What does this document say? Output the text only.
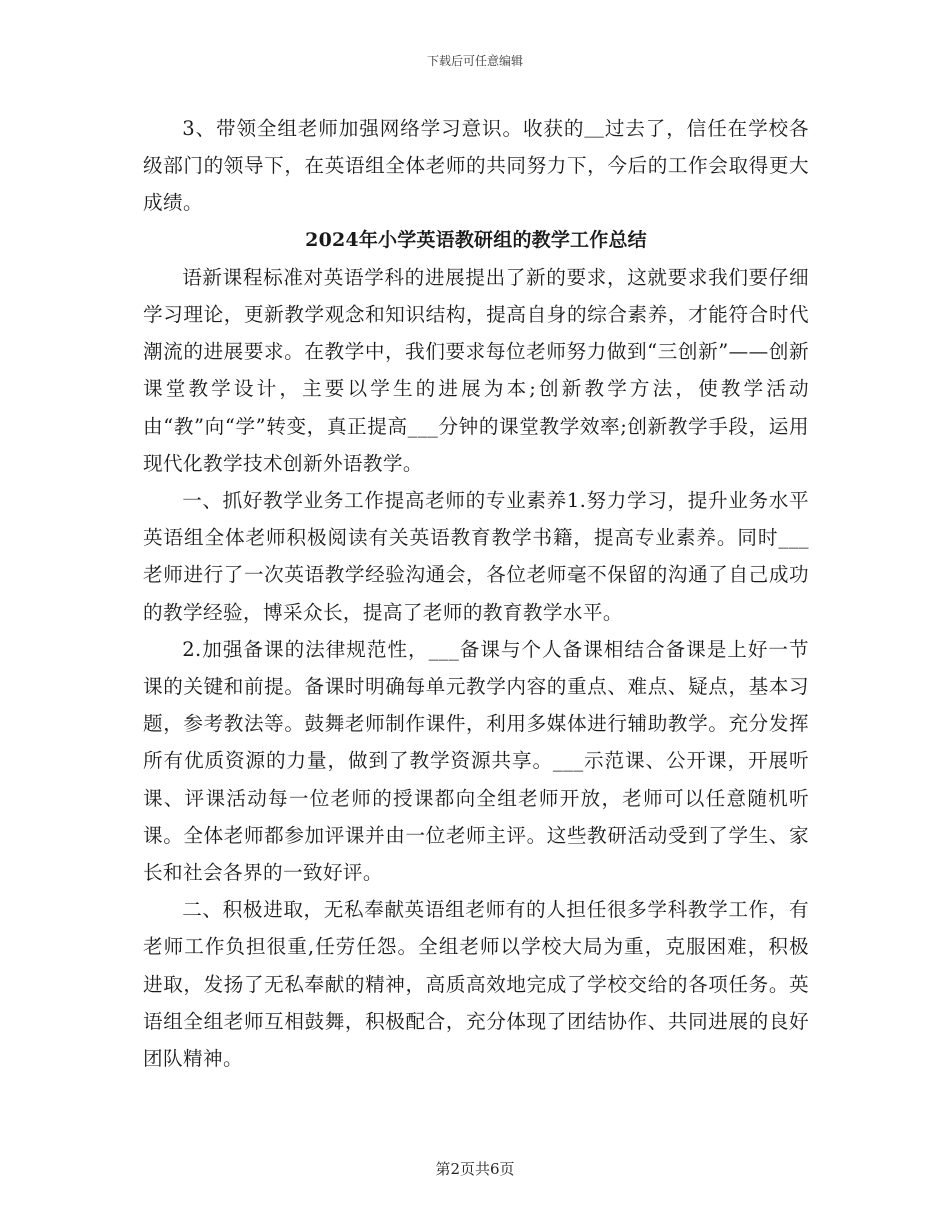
下载后可任意编辑

3、带领全组老师加强网络学习意识。收获的＿过去了，信任在学校各级部门的领导下，在英语组全体老师的共同努力下，今后的工作会取得更大成绩。

2024年小学英语教研组的教学工作总结

语新课程标准对英语学科的进展提出了新的要求，这就要求我们要仔细学习理论，更新教学观念和知识结构，提高自身的综合素养，才能符合时代潮流的进展要求。在教学中，我们要求每位老师努力做到“三创新”——创新课堂教学设计，主要以学生的进展为本;创新教学方法，使教学活动由“教”向“学”转变，真正提高___分钟的课堂教学效率;创新教学手段，运用现代化教学技术创新外语教学。

一、抓好教学业务工作提高老师的专业素养1.努力学习，提升业务水平英语组全体老师积极阅读有关英语教育教学书籍，提高专业素养。同时___老师进行了一次英语教学经验沟通会，各位老师毫不保留的沟通了自己成功的教学经验，博采众长，提高了老师的教育教学水平。

2.加强备课的法律规范性，___备课与个人备课相结合备课是上好一节课的关键和前提。备课时明确每单元教学内容的重点、难点、疑点，基本习题，参考教法等。鼓舞老师制作课件，利用多媒体进行辅助教学。充分发挥所有优质资源的力量，做到了教学资源共享。___示范课、公开课，开展听课、评课活动每一位老师的授课都向全组老师开放，老师可以任意随机听课。全体老师都参加评课并由一位老师主评。这些教研活动受到了学生、家长和社会各界的一致好评。

二、积极进取，无私奉献英语组老师有的人担任很多学科教学工作，有老师工作负担很重,任劳任怨。全组老师以学校大局为重，克服困难，积极进取，发扬了无私奉献的精神，高质高效地完成了学校交给的各项任务。英语组全组老师互相鼓舞，积极配合，充分体现了团结协作、共同进展的良好团队精神。

第2页共6页
